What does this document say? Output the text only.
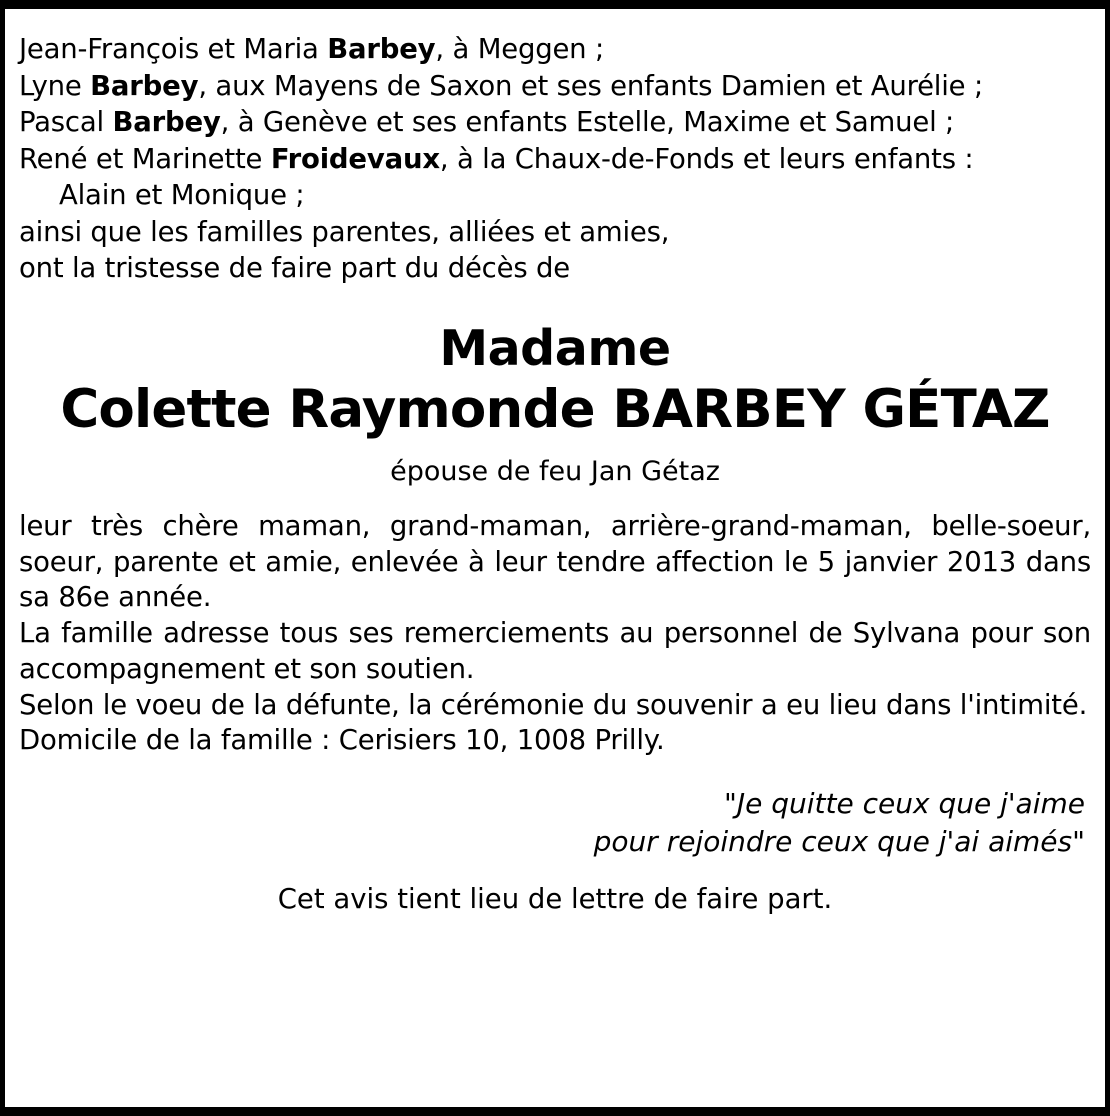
Jean-François et Maria Barbey, à Meggen ;
Lyne Barbey, aux Mayens de Saxon et ses enfants Damien et Aurélie ;
Pascal Barbey, à Genève et ses enfants Estelle, Maxime et Samuel ;
René et Marinette Froidevaux, à la Chaux-de-Fonds et leurs enfants :
Alain et Monique ;
ainsi que les familles parentes, alliées et amies,
ont la tristesse de faire part du décès de
Madame
Colette Raymonde BARBEY GÉTAZ
épouse de feu Jan Gétaz

leur très chère maman, grand-maman, arrière-grand-maman, belle-soeur, soeur, parente et amie, enlevée à leur tendre affection le 5 janvier 2013 dans sa 86e année.

La famille adresse tous ses remerciements au personnel de Sylvana pour son accompagnement et son soutien.

Selon le voeu de la défunte, la cérémonie du souvenir a eu lieu dans l'intimité.

Domicile de la famille : Cerisiers 10, 1008 Prilly.

"Je quitte ceux que j'aime
pour rejoindre ceux que j'ai aimés"
Cet avis tient lieu de lettre de faire part.
